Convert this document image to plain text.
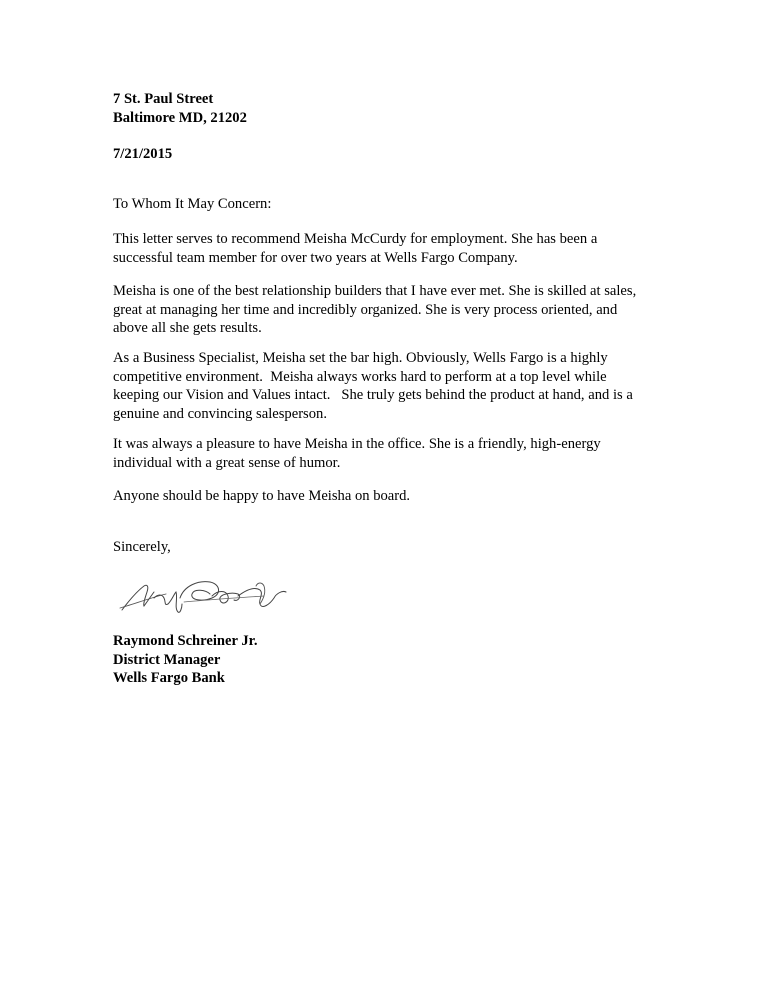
7 St. Paul Street
Baltimore MD, 21202
7/21/2015
To Whom It May Concern:
This letter serves to recommend Meisha McCurdy for employment. She has been a
successful team member for over two years at Wells Fargo Company.
Meisha is one of the best relationship builders that I have ever met. She is skilled at sales,
great at managing her time and incredibly organized. She is very process oriented, and
above all she gets results.
As a Business Specialist, Meisha set the bar high. Obviously, Wells Fargo is a highly
competitive environment.  Meisha always works hard to perform at a top level while
keeping our Vision and Values intact.   She truly gets behind the product at hand, and is a
genuine and convincing salesperson.
It was always a pleasure to have Meisha in the office. She is a friendly, high-energy
individual with a great sense of humor.
Anyone should be happy to have Meisha on board.
Sincerely,
Raymond Schreiner Jr.
District Manager
Wells Fargo Bank
